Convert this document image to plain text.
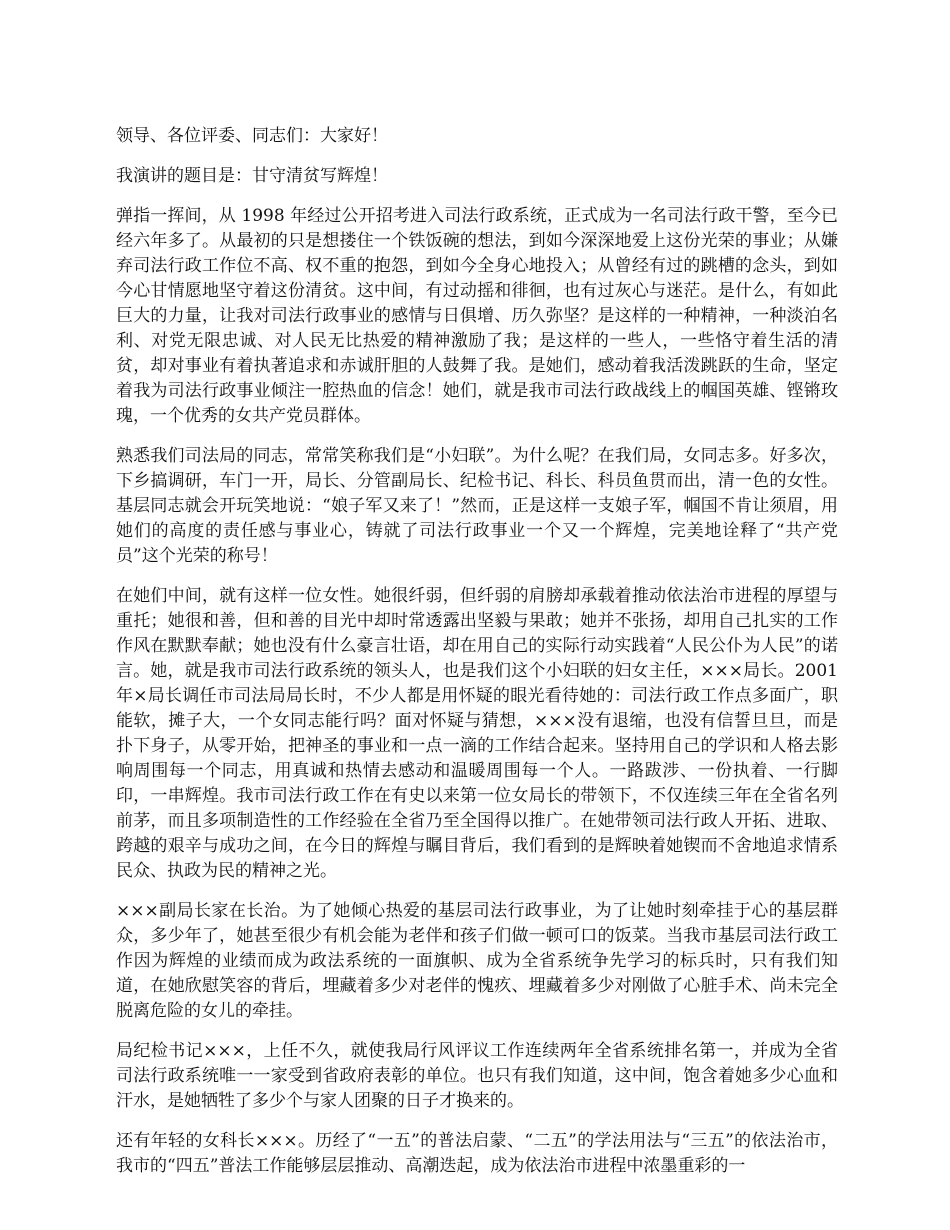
领导、各位评委、同志们：大家好！

我演讲的题目是：甘守清贫写辉煌！

弹指一挥间，从 1998 年经过公开招考进入司法行政系统，正式成为一名司法行政干警，至今已经六年多了。从最初的只是想搂住一个铁饭碗的想法，到如今深深地爱上这份光荣的事业；从嫌弃司法行政工作位不高、权不重的抱怨，到如今全身心地投入；从曾经有过的跳槽的念头，到如今心甘情愿地坚守着这份清贫。这中间，有过动摇和徘徊，也有过灰心与迷茫。是什么，有如此巨大的力量，让我对司法行政事业的感情与日俱增、历久弥坚？是这样的一种精神，一种淡泊名利、对党无限忠诚、对人民无比热爱的精神激励了我；是这样的一些人，一些恪守着生活的清贫，却对事业有着执著追求和赤诚肝胆的人鼓舞了我。是她们，感动着我活泼跳跃的生命，坚定着我为司法行政事业倾注一腔热血的信念！她们，就是我市司法行政战线上的帼国英雄、铿锵玫瑰，一个优秀的女共产党员群体。

熟悉我们司法局的同志，常常笑称我们是“小妇联”。为什么呢？在我们局，女同志多。好多次，下乡搞调研，车门一开，局长、分管副局长、纪检书记、科长、科员鱼贯而出，清一色的女性。基层同志就会开玩笑地说：“娘子军又来了！”然而，正是这样一支娘子军，帼国不肯让须眉，用她们的高度的责任感与事业心，铸就了司法行政事业一个又一个辉煌，完美地诠释了“共产党员”这个光荣的称号！

在她们中间，就有这样一位女性。她很纤弱，但纤弱的肩膀却承载着推动依法治市进程的厚望与重托；她很和善，但和善的目光中却时常透露出坚毅与果敢；她并不张扬，却用自己扎实的工作作风在默默奉献；她也没有什么豪言壮语，却在用自己的实际行动实践着“人民公仆为人民”的诺言。她，就是我市司法行政系统的领头人，也是我们这个小妇联的妇女主任，×××局长。2001 年×局长调任市司法局局长时，不少人都是用怀疑的眼光看待她的：司法行政工作点多面广，职能软，摊子大，一个女同志能行吗？面对怀疑与猜想，×××没有退缩，也没有信誓旦旦，而是扑下身子，从零开始，把神圣的事业和一点一滴的工作结合起来。坚持用自己的学识和人格去影响周围每一个同志，用真诚和热情去感动和温暖周围每一个人。一路跋涉、一份执着、一行脚印，一串辉煌。我市司法行政工作在有史以来第一位女局长的带领下，不仅连续三年在全省名列前茅，而且多项制造性的工作经验在全省乃至全国得以推广。在她带领司法行政人开拓、进取、跨越的艰辛与成功之间，在今日的辉煌与瞩目背后，我们看到的是辉映着她锲而不舍地追求情系民众、执政为民的精神之光。

×××副局长家在长治。为了她倾心热爱的基层司法行政事业，为了让她时刻牵挂于心的基层群众，多少年了，她甚至很少有机会能为老伴和孩子们做一顿可口的饭菜。当我市基层司法行政工作因为辉煌的业绩而成为政法系统的一面旗帜、成为全省系统争先学习的标兵时，只有我们知道，在她欣慰笑容的背后，埋藏着多少对老伴的愧疚、埋藏着多少对刚做了心脏手术、尚未完全脱离危险的女儿的牵挂。

局纪检书记×××，上任不久，就使我局行风评议工作连续两年全省系统排名第一，并成为全省司法行政系统唯一一家受到省政府表彰的单位。也只有我们知道，这中间，饱含着她多少心血和汗水，是她牺牲了多少个与家人团聚的日子才换来的。

还有年轻的女科长×××。历经了“一五”的普法启蒙、“二五”的学法用法与“三五”的依法治市，我市的“四五”普法工作能够层层推动、高潮迭起，成为依法治市进程中浓墨重彩的一
